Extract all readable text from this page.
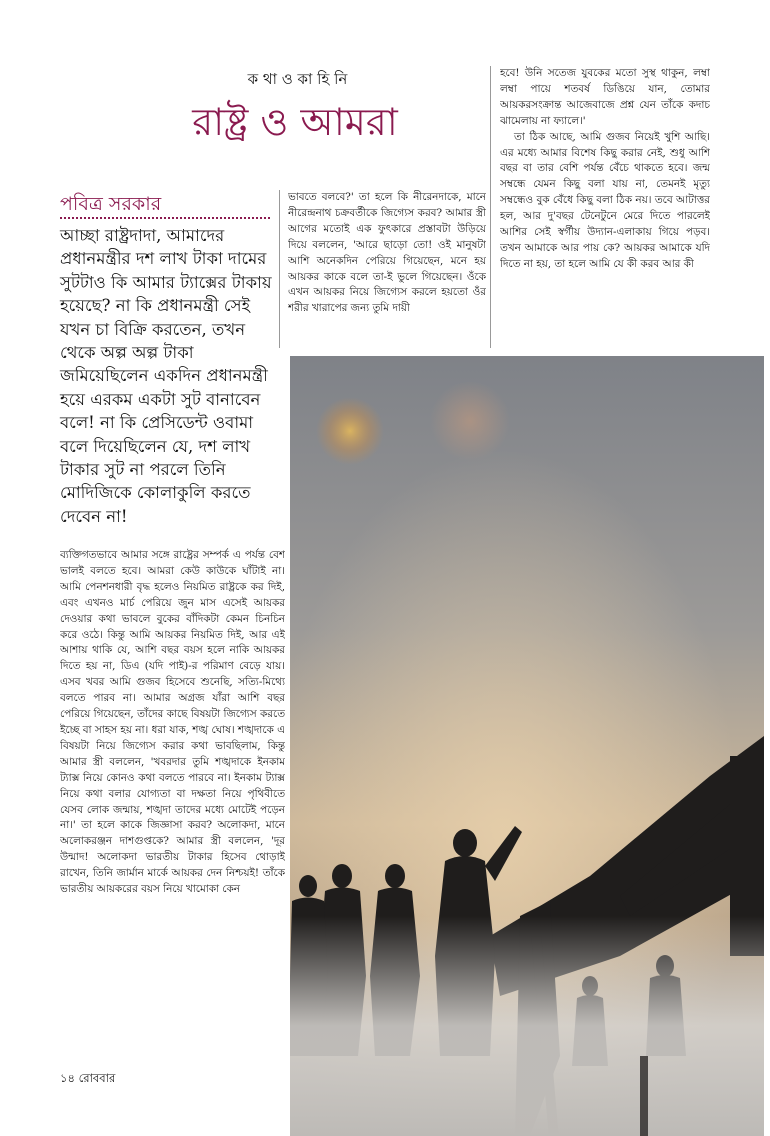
ক থা ও কা হি নি
রাষ্ট্র ও আমরা
পবিত্র সরকার

আচ্ছা রাষ্ট্রদাদা, আমাদের প্রধানমন্ত্রীর দশ লাখ টাকা দামের সুটটাও কি আমার ট্যাক্সের টাকায় হয়েছে? না কি প্রধানমন্ত্রী সেই যখন চা বিক্রি করতেন, তখন থেকে অল্প অল্প টাকা জমিয়েছিলেন একদিন প্রধানমন্ত্রী হয়ে এরকম একটা সুট বানাবেন বলে! না কি প্রেসিডেন্ট ওবামা বলে দিয়েছিলেন যে, দশ লাখ টাকার সুট না পরলে তিনি মোদিজিকে কোলাকুলি করতে দেবেন না!

ব্যক্তিগতভাবে আমার সঙ্গে রাষ্ট্রের সম্পর্ক এ পর্যন্ত বেশ ভালই বলতে হবে। আমরা কেউ কাউকে ঘাঁটাই না। আমি পেনশনধারী বৃদ্ধ হলেও নিয়মিত রাষ্ট্রকে কর দিই, এবং এখনও মার্চ পেরিয়ে জুন মাস এসেই আয়কর দেওয়ার কথা ভাবলে বুকের বাঁদিকটা কেমন চিনচিন করে ওঠে। কিন্তু আমি আয়কর নিয়মিত দিই, আর এই আশায় থাকি যে, আশি বছর বয়স হলে নাকি আয়কর দিতে হয় না, ডিএ (যদি পাই)-র পরিমাণ বেড়ে যায়। এসব খবর আমি গুজব হিসেবে শুনেছি, সত্যি-মিথ্যে বলতে পারব না। আমার অগ্রজ যাঁরা আশি বছর পেরিয়ে গিয়েছেন, তাঁদের কাছে বিষয়টা জিগ্যেস করতে ইচ্ছে বা সাহস হয় না। ধরা যাক, শঙ্খ ঘোষ। শঙ্খদাকে এ বিষয়টা নিয়ে জিগ্যেস করার কথা ভাবছিলাম, কিন্তু আমার স্ত্রী বললেন, 'খবরদার তুমি শঙ্খদাকে ইনকাম ট্যাক্স নিয়ে কোনও কথা বলতে পারবে না। ইনকাম ট্যাক্স নিয়ে কথা বলার যোগ্যতা বা দক্ষতা নিয়ে পৃথিবীতে যেসব লোক জন্মায়, শঙ্খদা তাদের মধ্যে মোটেই পড়েন না।' তা হলে কাকে জিজ্ঞাসা করব? অলোকদা, মানে অলোকরঞ্জন দাশগুপ্তকে? আমার স্ত্রী বললেন, 'দূর উন্মাদ! অলোকদা ভারতীয় টাকার হিসেব থোড়াই রাখেন, তিনি জার্মান মার্কে আয়কর দেন নিশ্চয়ই! তাঁকে ভারতীয় আয়করের বয়স নিয়ে খামোকা কেন

ভাবতে বলবে?' তা হলে কি নীরেনদাকে, মানে নীরেন্দ্রনাথ চক্রবর্তীকে জিগ্যেস করব? আমার স্ত্রী আগের মতোই এক ফুৎকারে প্রস্তাবটা উড়িয়ে দিয়ে বললেন, 'আরে ছাড়ো তো! ওই মানুষটা আশি অনেকদিন পেরিয়ে গিয়েছেন, মনে হয় আয়কর কাকে বলে তা-ই ভুলে গিয়েছেন। ওঁকে এখন আয়কর নিয়ে জিগ্যেস করলে হয়তো ওঁর শরীর খারাপের জন্য তুমি দায়ী

হবে! উনি সতেজ যুবকের মতো সুস্থ থাকুন, লম্বা লম্বা পায়ে শতবর্ষ ডিঙিয়ে যান, তোমার আয়করসংক্রান্ত আজেবাজে প্রশ্ন যেন তাঁকে কদাচ ঝামেলায় না ফ্যালে।'

তা ঠিক আছে, আমি গুজব নিয়েই খুশি আছি। এর মধ্যে আমার বিশেষ কিছু করার নেই, শুধু আশি বছর বা তার বেশি পর্যন্ত বেঁচে থাকতে হবে। জন্ম সম্বন্ধে যেমন কিছু বলা যায় না, তেমনই মৃত্যু সম্বন্ধেও বুক বেঁধে কিছু বলা ঠিক নয়। তবে আটাত্তর হল, আর দু'বছর টেনেটুনে মেরে দিতে পারলেই আশির সেই স্বর্গীয় উদ্যান-এলাকায় গিয়ে পড়ব। তখন আমাকে আর পায় কে? আয়কর আমাকে যদি দিতে না হয়, তা হলে আমি যে কী করব আর কী

১৪ রোববার
